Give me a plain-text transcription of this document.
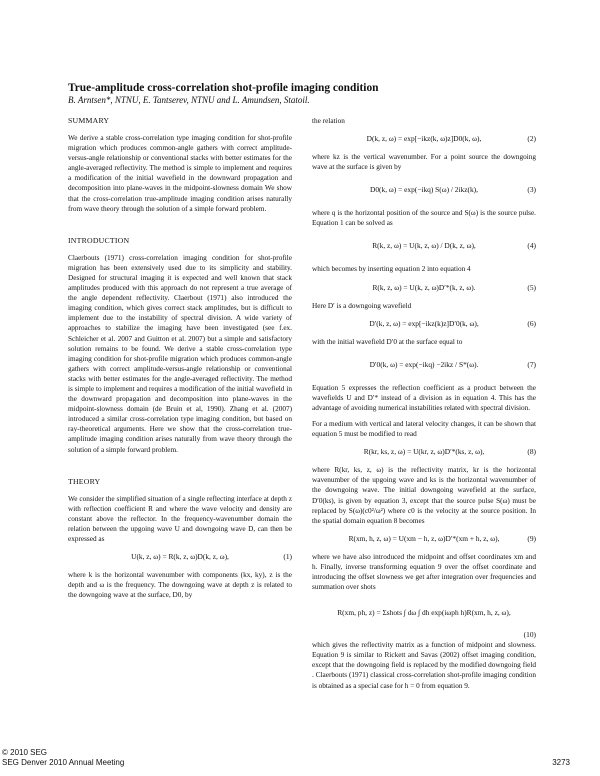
True-amplitude cross-correlation shot-profile imaging condition
B. Arntsen*, NTNU, E. Tantserev, NTNU and L. Amundsen, Statoil.
SUMMARY

We derive a stable cross-correlation type imaging condition for shot-profile migration which produces common-angle gathers with correct amplitude-versus-angle relationship or conventional stacks with better estimates for the angle-averaged reflectivity. The method is simple to implement and requires a modification of the initial wavefield in the downward propagation and decomposition into plane-waves in the midpoint-slowness domain We show that the cross-correlation true-amplitude imaging condition arises naturally from wave theory through the solution of a simple forward problem.

INTRODUCTION

Claerbouts (1971) cross-correlation imaging condition for shot-profile migration has been extensively used due to its simplicity and stability. Designed for structural imaging it is expected and well known that stack amplitudes produced with this approach do not represent a true average of the angle dependent reflectivity. Claerbout (1971) also introduced the imaging condition, which gives correct stack amplitudes, but is difficult to implement due to the instability of spectral division. A wide variety of approaches to stabilize the imaging have been investigated (see f.ex. Schleicher et al. 2007 and Guitton et al. 2007) but a simple and satisfactory solution remains to be found. We derive a stable cross-correlation type imaging condition for shot-profile migration which produces common-angle gathers with correct amplitude-versus-angle relationship or conventional stacks with better estimates for the angle-averaged reflectivity. The method is simple to implement and requires a modification of the initial wavefield in the downward propagation and decomposition into plane-waves in the midpoint-slowness domain (de Bruin et al, 1990). Zhang et al. (2007) introduced a similar cross-correlation type imaging condition, but based on ray-theoretical arguments. Here we show that the cross-correlation true-amplitude imaging condition arises naturally from wave theory through the solution of a simple forward problem.

THEORY

We consider the simplified situation of a single reflecting interface at depth z with reflection coefficient R and where the wave velocity and density are constant above the reflector. In the frequency-wavenumber domain the relation between the upgoing wave U and downgoing wave D, can then be expressed as

U(k, z, ω) = R(k, z, ω)D(k, z, ω),	(1)

where k is the horizontal wavenumber with components (kx, ky), z is the depth and ω is the frequency. The downgoing wave at depth z is related to the downgoing wave at the surface, D0, by

the relation

D(k, z, ω) = exp[−ikz(k, ω)z]D0(k, ω),	(2)

where kz is the vertical wavenumber. For a point source the downgoing wave at the surface is given by

D0(k, ω) = exp(−ikq) S(ω) / 2ikz(k),	(3)

where q is the horizontal position of the source and S(ω) is the source pulse. Equation 1 can be solved as

R(k, z, ω) = U(k, z, ω) / D(k, z, ω),	(4)

which becomes by inserting equation 2 into equation 4

R(k, z, ω) = U(k, z, ω)D′*(k, z, ω).	(5)

Here D′ is a downgoing wavefield

D′(k, z, ω) = exp[−ikz(k)z]D′0(k, ω),	(6)

with the initial wavefield D′0 at the surface equal to

D′0(k, ω) = exp(−ikq) −2ikz / S*(ω).	(7)

Equation 5 expresses the reflection coefficient as a product between the wavefields U and D′* instead of a division as in equation 4. This has the advantage of avoiding numerical instabilities related with spectral division.

For a medium with vertical and lateral velocity changes, it can be shown that equation 5 must be modified to read

R(kr, ks, z, ω) = U(kr, z, ω)D′*(ks, z, ω),	(8)

where R(kr, ks, z, ω) is the reflectivity matrix, kr is the horizontal wavenumber of the upgoing wave and ks is the horizontal wavenumber of the downgoing wave. The initial downgoing wavefield at the surface, D′0(ks), is given by equation 3, except that the source pulse S(ω) must be replaced by S(ω)(c0²/ω²) where c0 is the velocity at the source position. In the spatial domain equation 8 becomes

R(xm, h, z, ω) = U(xm − h, z, ω)D′*(xm + h, z, ω),	(9)

where we have also introduced the midpoint and offset coordinates xm and h. Finally, inverse transforming equation 9 over the offset coordinate and introducing the offset slowness we get after integration over frequencies and summation over shots

R(xm, ph, z) = Σshots ∫ dω ∫ dh exp(iωph h)R(xm, h, z, ω),
(10)

which gives the reflectivity matrix as a function of midpoint and slowness. Equation 9 is similar to Rickett and Savas (2002) offset imaging condition, except that the downgoing field is replaced by the modified downgoing field . Claerbouts (1971) classical cross-correlation shot-profile imaging condition is obtained as a special case for h = 0 from equation 9.

© 2010 SEG
SEG Denver 2010 Annual Meeting	3273
